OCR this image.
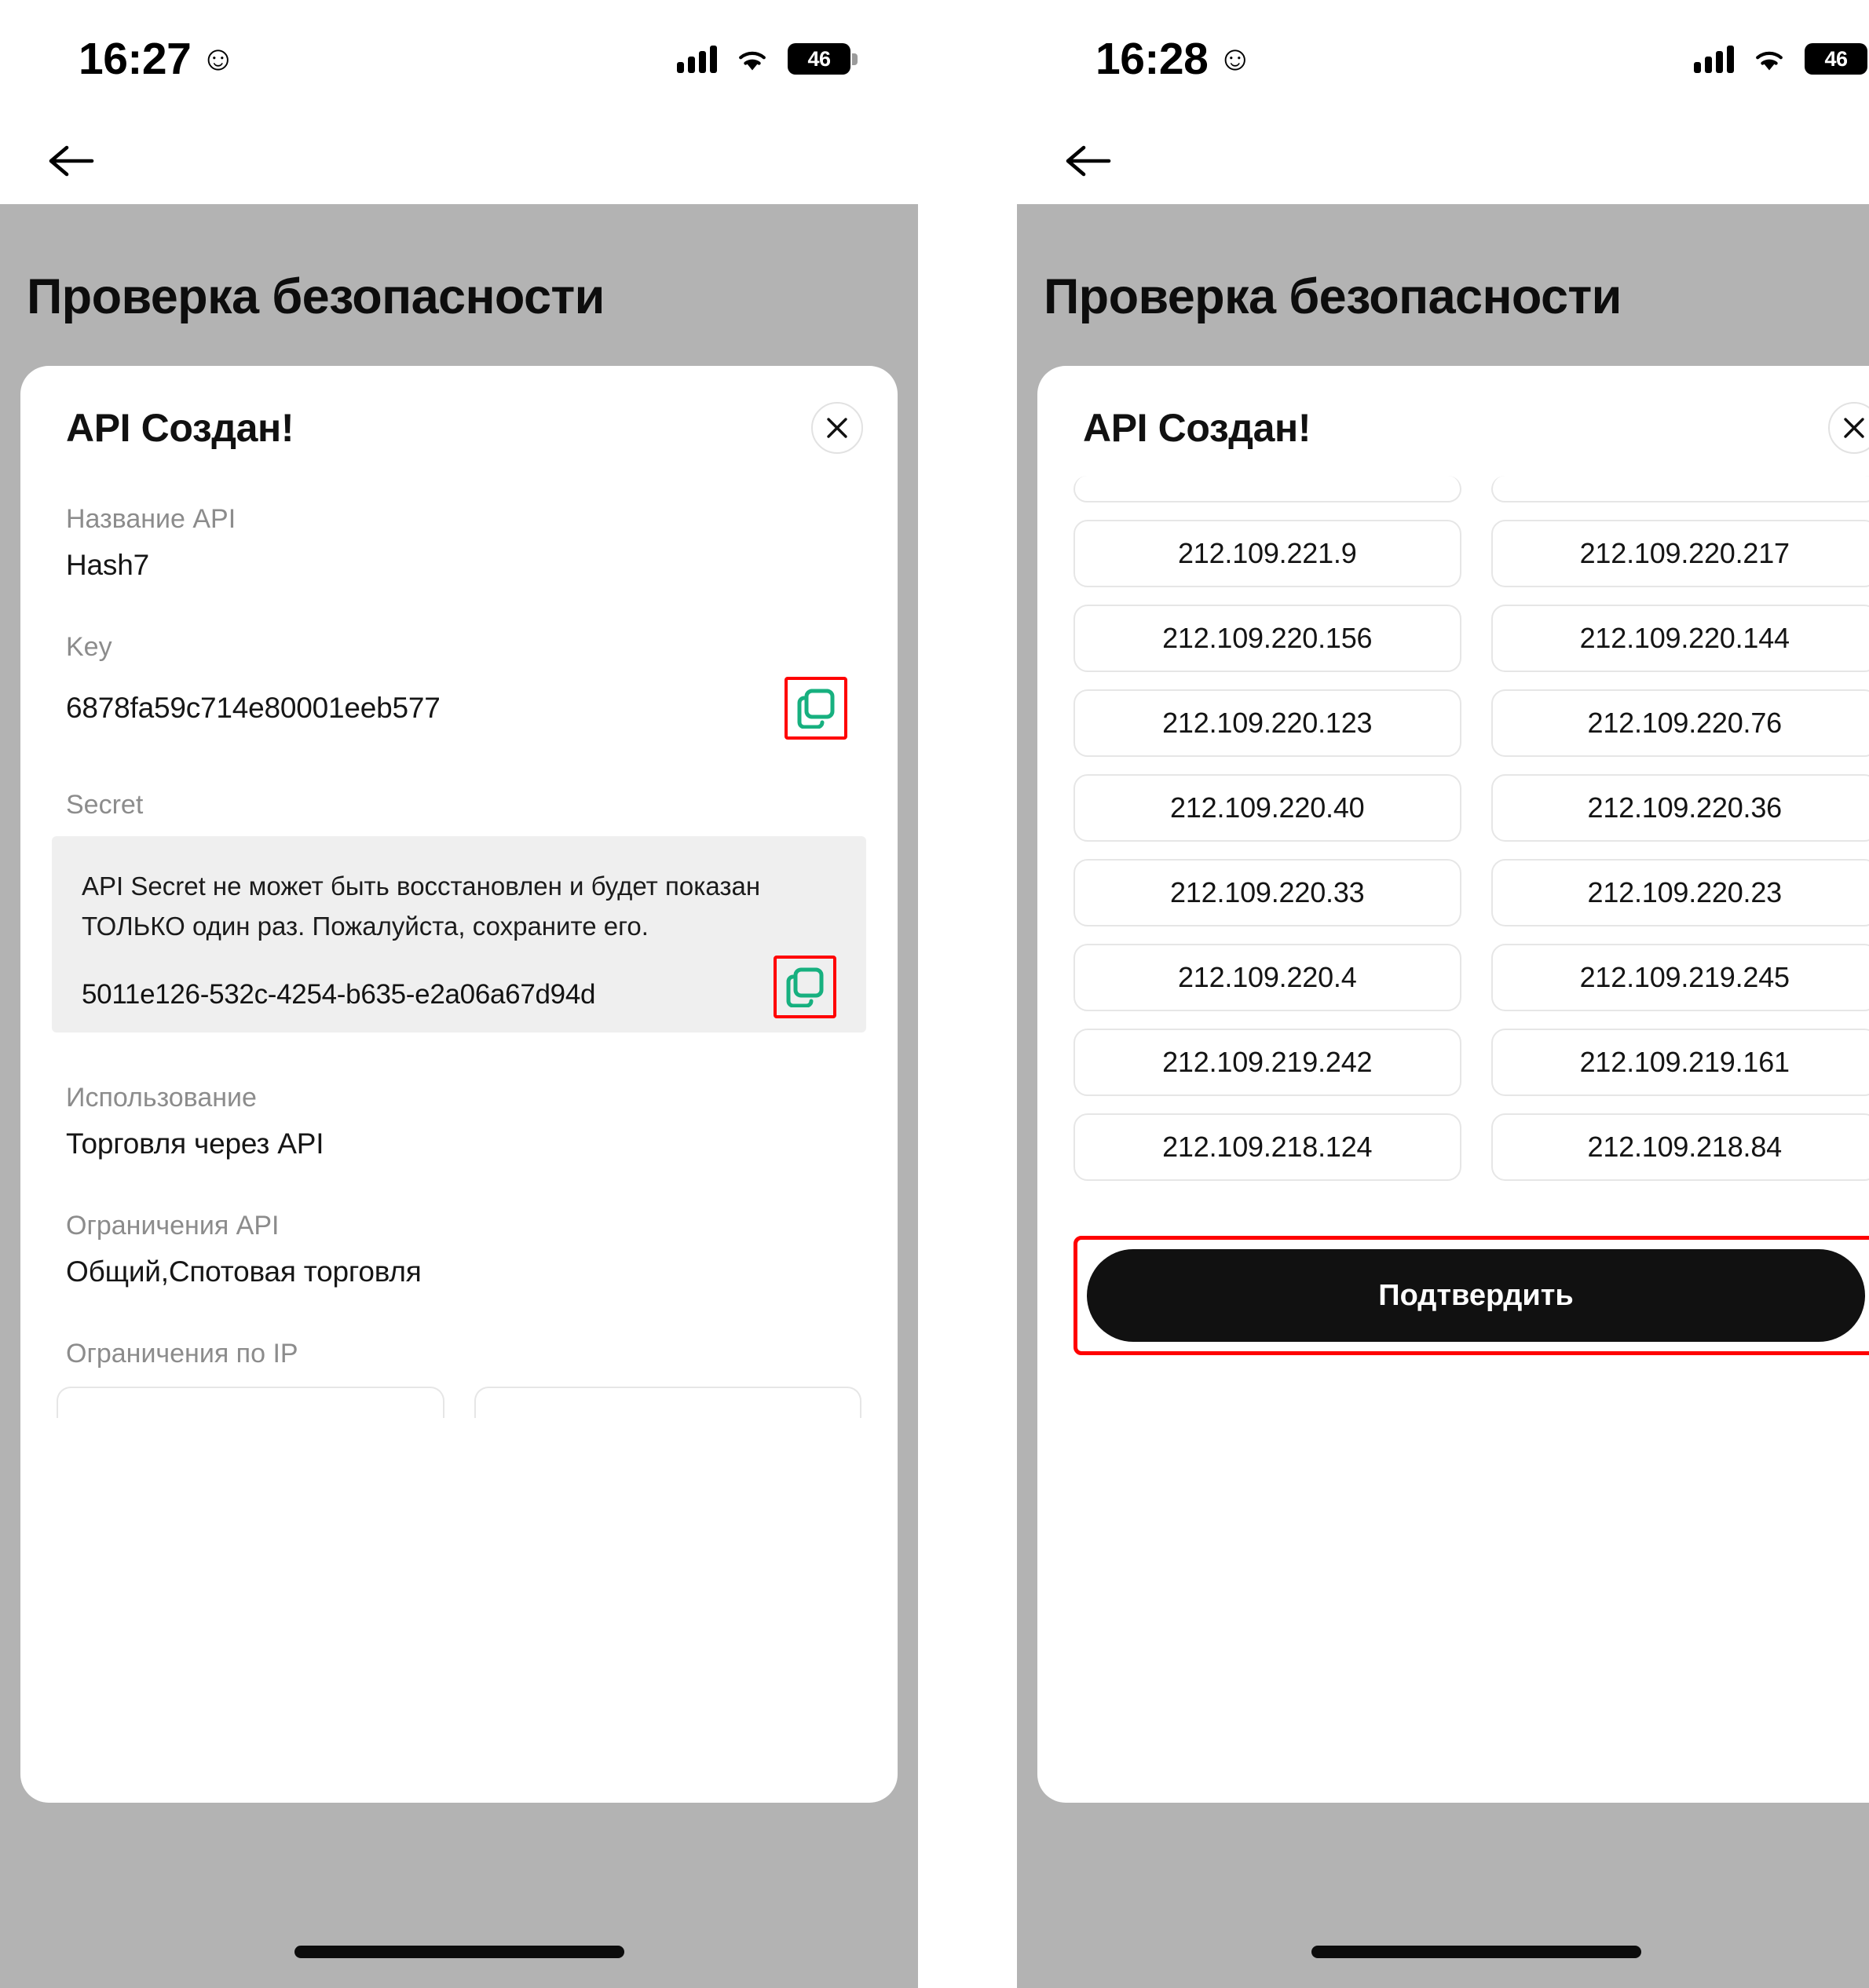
16:27 ☺	46
Проверка безопасности
API Создан!
Название API
Hash7
Key
6878fa59c714e80001eeb577
Secret
API Secret не может быть восстановлен и будет показан ТОЛЬКО один раз. Пожалуйста, сохраните его.
5011e126-532c-4254-b635-e2a06a67d94d
Использование
Торговля через API
Ограничения API
Общий,Спотовая торговля
Ограничения по IP
16:28 ☺	46
Проверка безопасности
API Создан!
212.109.221.9	212.109.220.217
212.109.220.156	212.109.220.144
212.109.220.123	212.109.220.76
212.109.220.40	212.109.220.36
212.109.220.33	212.109.220.23
212.109.220.4	212.109.219.245
212.109.219.242	212.109.219.161
212.109.218.124	212.109.218.84
Подтвердить
